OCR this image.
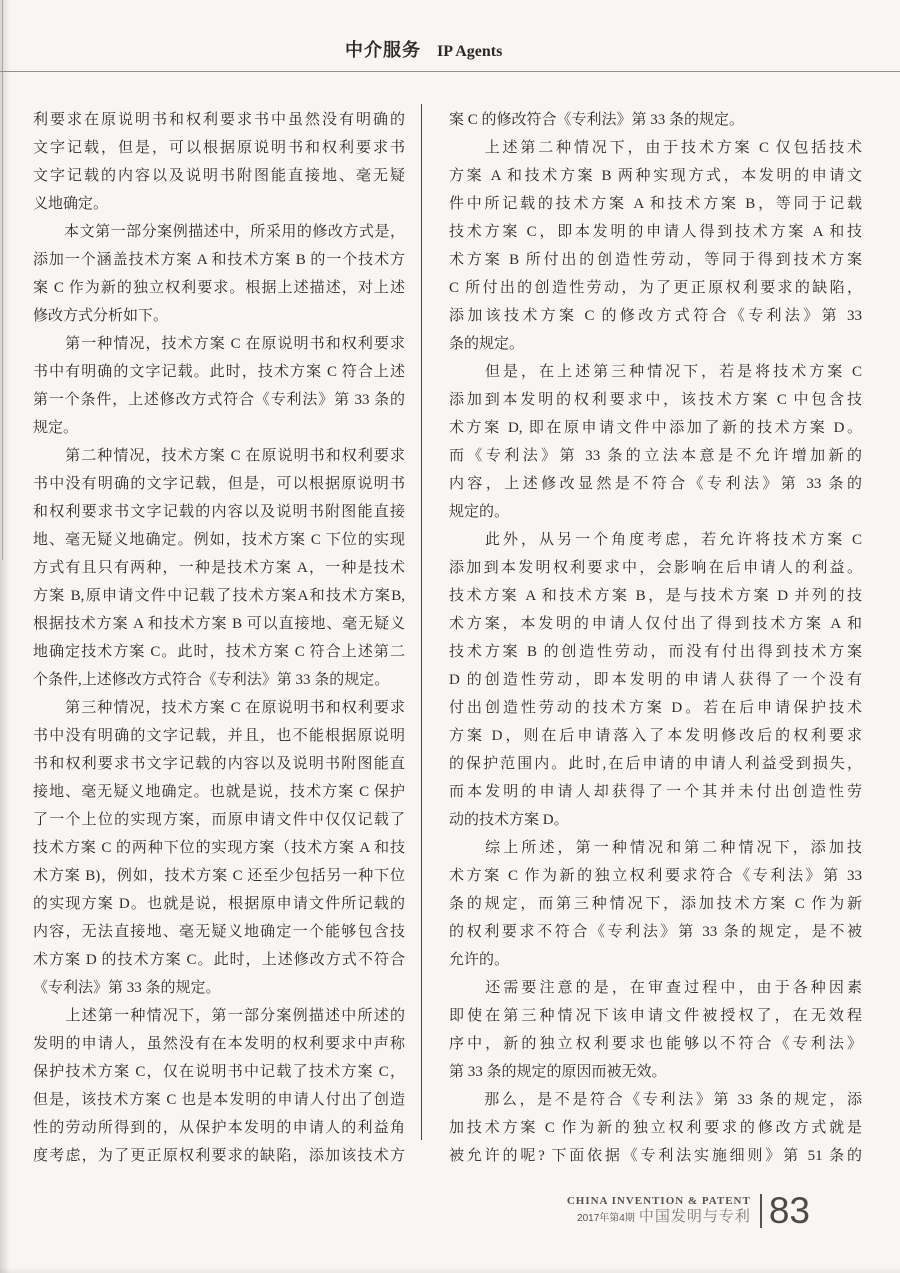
中介服务 IP Agents
利要求在原说明书和权利要求书中虽然没有明确的
文字记载，但是，可以根据原说明书和权利要求书
文字记载的内容以及说明书附图能直接地、毫无疑
义地确定。
　　本文第一部分案例描述中，所采用的修改方式是，
添加一个涵盖技术方案 A 和技术方案 B 的一个技术方
案 C 作为新的独立权利要求。根据上述描述，对上述
修改方式分析如下。
　　第一种情况，技术方案 C 在原说明书和权利要求
书中有明确的文字记载。此时，技术方案 C 符合上述
第一个条件，上述修改方式符合《专利法》第 33 条的
规定。
　　第二种情况，技术方案 C 在原说明书和权利要求
书中没有明确的文字记载，但是，可以根据原说明书
和权利要求书文字记载的内容以及说明书附图能直接
地、毫无疑义地确定。例如，技术方案 C 下位的实现
方式有且只有两种，一种是技术方案 A，一种是技术
方案 B,原申请文件中记载了技术方案A和技术方案B,
根据技术方案 A 和技术方案 B 可以直接地、毫无疑义
地确定技术方案 C。此时，技术方案 C 符合上述第二
个条件,上述修改方式符合《专利法》第 33 条的规定。
　　第三种情况，技术方案 C 在原说明书和权利要求
书中没有明确的文字记载，并且，也不能根据原说明
书和权利要求书文字记载的内容以及说明书附图能直
接地、毫无疑义地确定。也就是说，技术方案 C 保护
了一个上位的实现方案，而原申请文件中仅仅记载了
技术方案 C 的两种下位的实现方案（技术方案 A 和技
术方案 B)，例如，技术方案 C 还至少包括另一种下位
的实现方案 D。也就是说，根据原申请文件所记载的
内容，无法直接地、毫无疑义地确定一个能够包含技
术方案 D 的技术方案 C。此时，上述修改方式不符合
《专利法》第 33 条的规定。
　　上述第一种情况下，第一部分案例描述中所述的
发明的申请人，虽然没有在本发明的权利要求中声称
保护技术方案 C，仅在说明书中记载了技术方案 C，
但是，该技术方案 C 也是本发明的申请人付出了创造
性的劳动所得到的，从保护本发明的申请人的利益角
度考虑，为了更正原权利要求的缺陷，添加该技术方
案 C 的修改符合《专利法》第 33 条的规定。
　　上述第二种情况下，由于技术方案 C 仅包括技术
方案 A 和技术方案 B 两种实现方式，本发明的申请文
件中所记载的技术方案 A 和技术方案 B，等同于记载
技术方案 C，即本发明的申请人得到技术方案 A 和技
术方案 B 所付出的创造性劳动，等同于得到技术方案
C 所付出的创造性劳动，为了更正原权利要求的缺陷，
添加该技术方案 C 的修改方式符合《专利法》第 33
条的规定。
　　但是，在上述第三种情况下，若是将技术方案 C
添加到本发明的权利要求中，该技术方案 C 中包含技
术方案 D, 即在原申请文件中添加了新的技术方案 D。
而《专利法》第 33 条的立法本意是不允许增加新的
内容，上述修改显然是不符合《专利法》第 33 条的
规定的。
　　此外，从另一个角度考虑，若允许将技术方案 C
添加到本发明权利要求中，会影响在后申请人的利益。
技术方案 A 和技术方案 B，是与技术方案 D 并列的技
术方案，本发明的申请人仅付出了得到技术方案 A 和
技术方案 B 的创造性劳动，而没有付出得到技术方案
D 的创造性劳动，即本发明的申请人获得了一个没有
付出创造性劳动的技术方案 D。若在后申请保护技术
方案 D，则在后申请落入了本发明修改后的权利要求
的保护范围内。此时,在后申请的申请人利益受到损失，
而本发明的申请人却获得了一个其并未付出创造性劳
动的技术方案 D。
　　综上所述，第一种情况和第二种情况下，添加技
术方案 C 作为新的独立权利要求符合《专利法》第 33
条的规定，而第三种情况下，添加技术方案 C 作为新
的权利要求不符合《专利法》第 33 条的规定，是不被
允许的。
　　还需要注意的是，在审查过程中，由于各种因素
即使在第三种情况下该申请文件被授权了，在无效程
序中，新的独立权利要求也能够以不符合《专利法》
第 33 条的规定的原因而被无效。
　　那么，是不是符合《专利法》第 33 条的规定，添
加技术方案 C 作为新的独立权利要求的修改方式就是
被允许的呢? 下面依据《专利法实施细则》第 51 条的
CHINA INVENTION & PATENT
2017年第4期 中国发明与专利 83
